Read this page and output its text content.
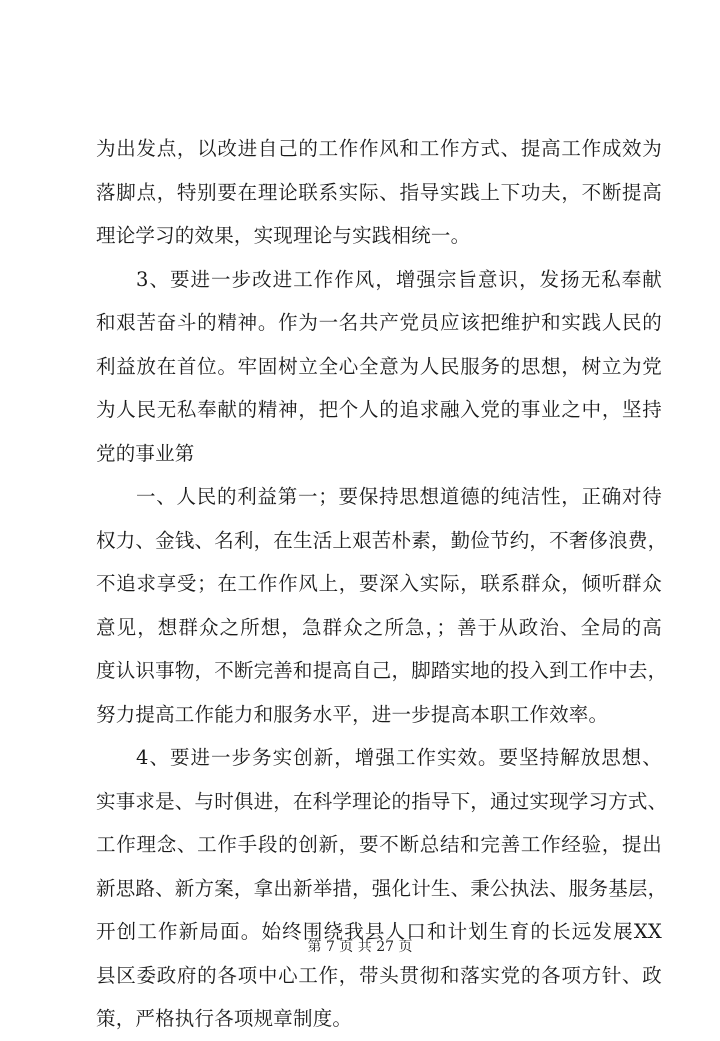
为出发点，以改进自己的工作作风和工作方式、提高工作成效为
落脚点，特别要在理论联系实际、指导实践上下功夫，不断提高
理论学习的效果，实现理论与实践相统一。
3、要进一步改进工作作风，增强宗旨意识，发扬无私奉献
和艰苦奋斗的精神。作为一名共产党员应该把维护和实践人民的
利益放在首位。牢固树立全心全意为人民服务的思想，树立为党
为人民无私奉献的精神，把个人的追求融入党的事业之中，坚持
党的事业第
一、人民的利益第一；要保持思想道德的纯洁性，正确对待
权力、金钱、名利，在生活上艰苦朴素，勤俭节约，不奢侈浪费，
不追求享受；在工作作风上，要深入实际，联系群众，倾听群众
意见，想群众之所想，急群众之所急，；善于从政治、全局的高
度认识事物，不断完善和提高自己，脚踏实地的投入到工作中去，
努力提高工作能力和服务水平，进一步提高本职工作效率。
4、要进一步务实创新，增强工作实效。要坚持解放思想、
实事求是、与时俱进，在科学理论的指导下，通过实现学习方式、
工作理念、工作手段的创新，要不断总结和完善工作经验，提出
新思路、新方案，拿出新举措，强化计生、秉公执法、服务基层，
开创工作新局面。始终围绕我县人口和计划生育的长远发展XX
县区委政府的各项中心工作，带头贯彻和落实党的各项方针、政
策，严格执行各项规章制度。
第 7 页 共 27 页
